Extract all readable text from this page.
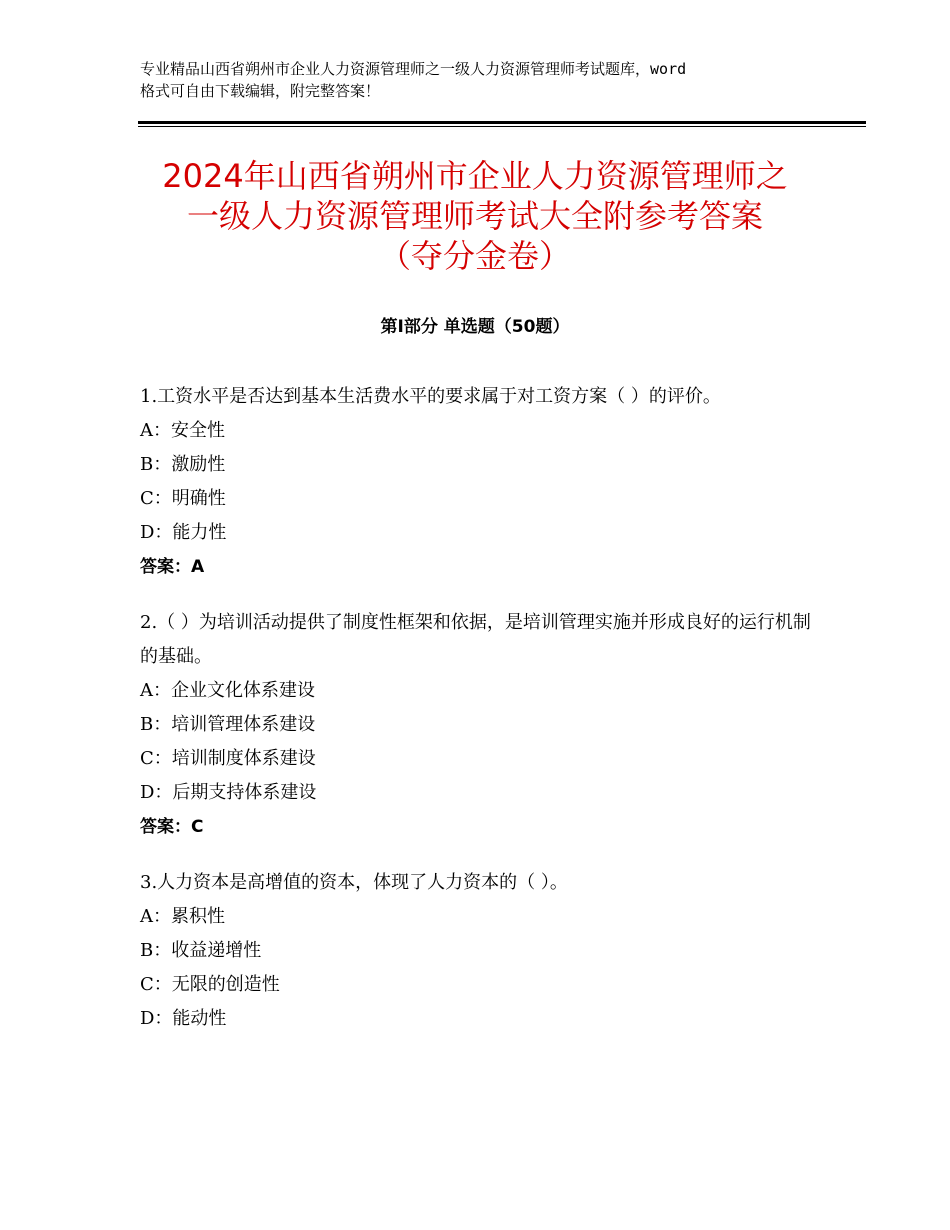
专业精品山西省朔州市企业人力资源管理师之一级人力资源管理师考试题库，word
格式可自由下载编辑，附完整答案！
2024年山西省朔州市企业人力资源管理师之
一级人力资源管理师考试大全附参考答案
（夺分金卷）
第Ⅰ部分 单选题（50题）
1.工资水平是否达到基本生活费水平的要求属于对工资方案（ ）的评价。
A：安全性
B：激励性
C：明确性
D：能力性
答案：A
2.（ ）为培训活动提供了制度性框架和依据，是培训管理实施并形成良好的运行机制的基础。
A：企业文化体系建设
B：培训管理体系建设
C：培训制度体系建设
D：后期支持体系建设
答案：C
3.人力资本是高增值的资本，体现了人力资本的（ ）。
A：累积性
B：收益递增性
C：无限的创造性
D：能动性
